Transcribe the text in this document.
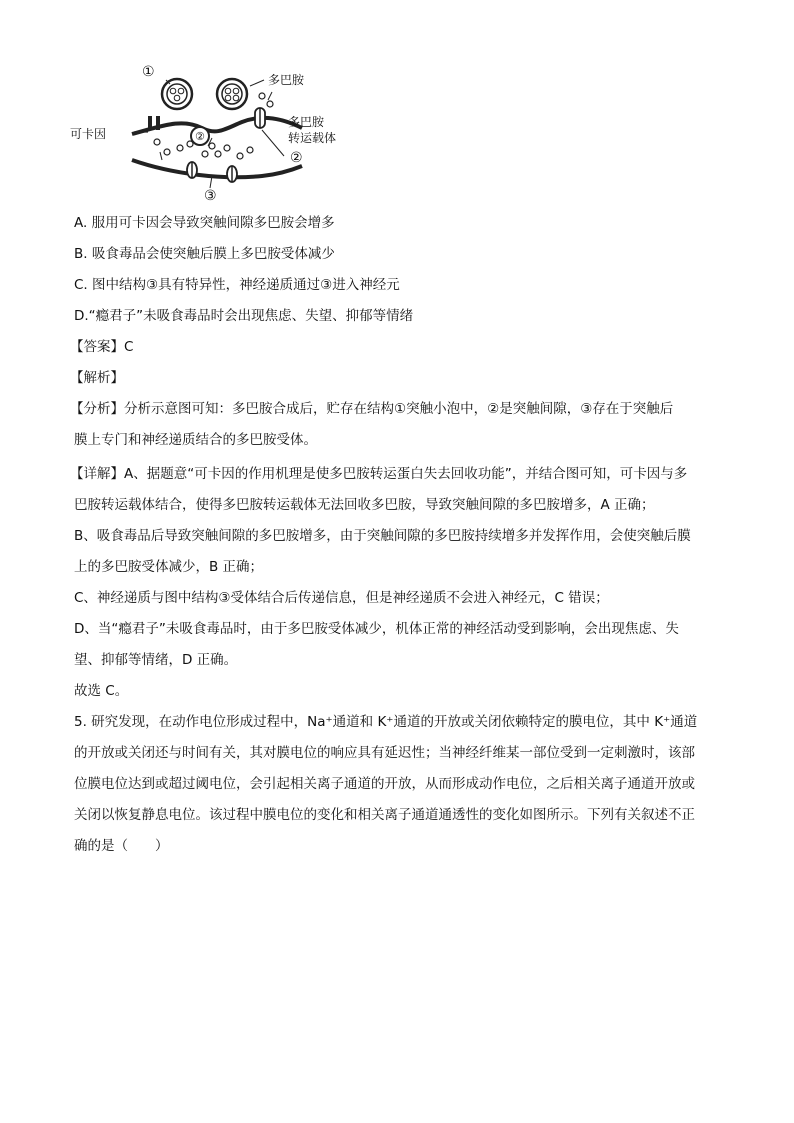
②
①	多巴胺
多巴胺
转运载体
可卡因
②
③
A. 服用可卡因会导致突触间隙多巴胺会增多
B. 吸食毒品会使突触后膜上多巴胺受体减少
C. 图中结构③具有特异性，神经递质通过③进入神经元
D.“瘾君子”未吸食毒品时会出现焦虑、失望、抑郁等情绪
【答案】C
【解析】
【分析】分析示意图可知：多巴胺合成后，贮存在结构①突触小泡中，②是突触间隙，③存在于突触后
膜上专门和神经递质结合的多巴胺受体。
【详解】A、据题意“可卡因的作用机理是使多巴胺转运蛋白失去回收功能”，并结合图可知，可卡因与多
巴胺转运载体结合，使得多巴胺转运载体无法回收多巴胺，导致突触间隙的多巴胺增多，A 正确；
B、吸食毒品后导致突触间隙的多巴胺增多，由于突触间隙的多巴胺持续增多并发挥作用，会使突触后膜
上的多巴胺受体减少，B 正确；
C、神经递质与图中结构③受体结合后传递信息，但是神经递质不会进入神经元，C 错误；
D、当“瘾君子”未吸食毒品时，由于多巴胺受体减少，机体正常的神经活动受到影响，会出现焦虑、失
望、抑郁等情绪，D 正确。
故选 C。
5. 研究发现，在动作电位形成过程中，Na⁺通道和 K⁺通道的开放或关闭依赖特定的膜电位，其中 K⁺通道
的开放或关闭还与时间有关，其对膜电位的响应具有延迟性；当神经纤维某一部位受到一定刺激时，该部
位膜电位达到或超过阈电位，会引起相关离子通道的开放，从而形成动作电位，之后相关离子通道开放或
关闭以恢复静息电位。该过程中膜电位的变化和相关离子通道通透性的变化如图所示。下列有关叙述不正
确的是（　　）
